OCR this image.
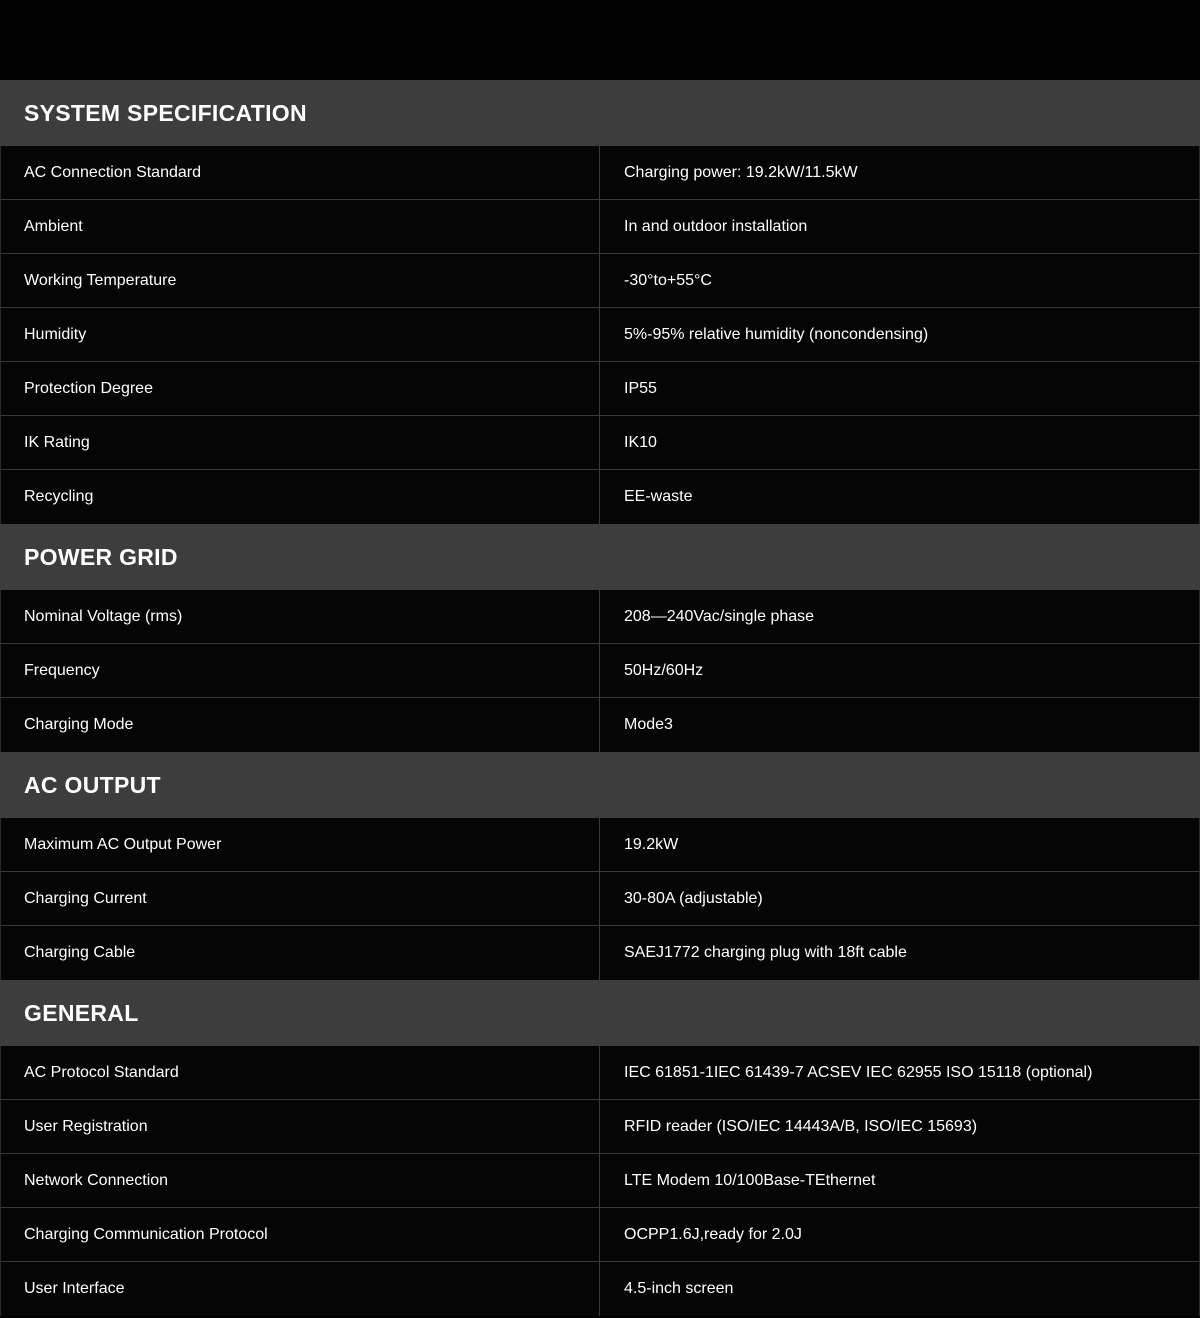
SYSTEM SPECIFICATION
AC Connection Standard	Charging power: 19.2kW/11.5kW
Ambient	In and outdoor installation
Working Temperature	-30°to+55°C
Humidity	5%-95% relative humidity (noncondensing)
Protection Degree	IP55
IK Rating	IK10
Recycling	EE-waste
POWER GRID
Nominal Voltage (rms)	208—240Vac/single phase
Frequency	50Hz/60Hz
Charging Mode	Mode3
AC OUTPUT
Maximum AC Output Power	19.2kW
Charging Current	30-80A (adjustable)
Charging Cable	SAEJ1772 charging plug with 18ft cable
GENERAL
AC Protocol Standard	IEC 61851-1IEC 61439-7 ACSEV IEC 62955 ISO 15118 (optional)
User Registration	RFID reader (ISO/IEC 14443A/B, ISO/IEC 15693)
Network Connection	LTE Modem 10/100Base-TEthernet
Charging Communication Protocol	OCPP1.6J,ready for 2.0J
User Interface	4.5-inch screen
